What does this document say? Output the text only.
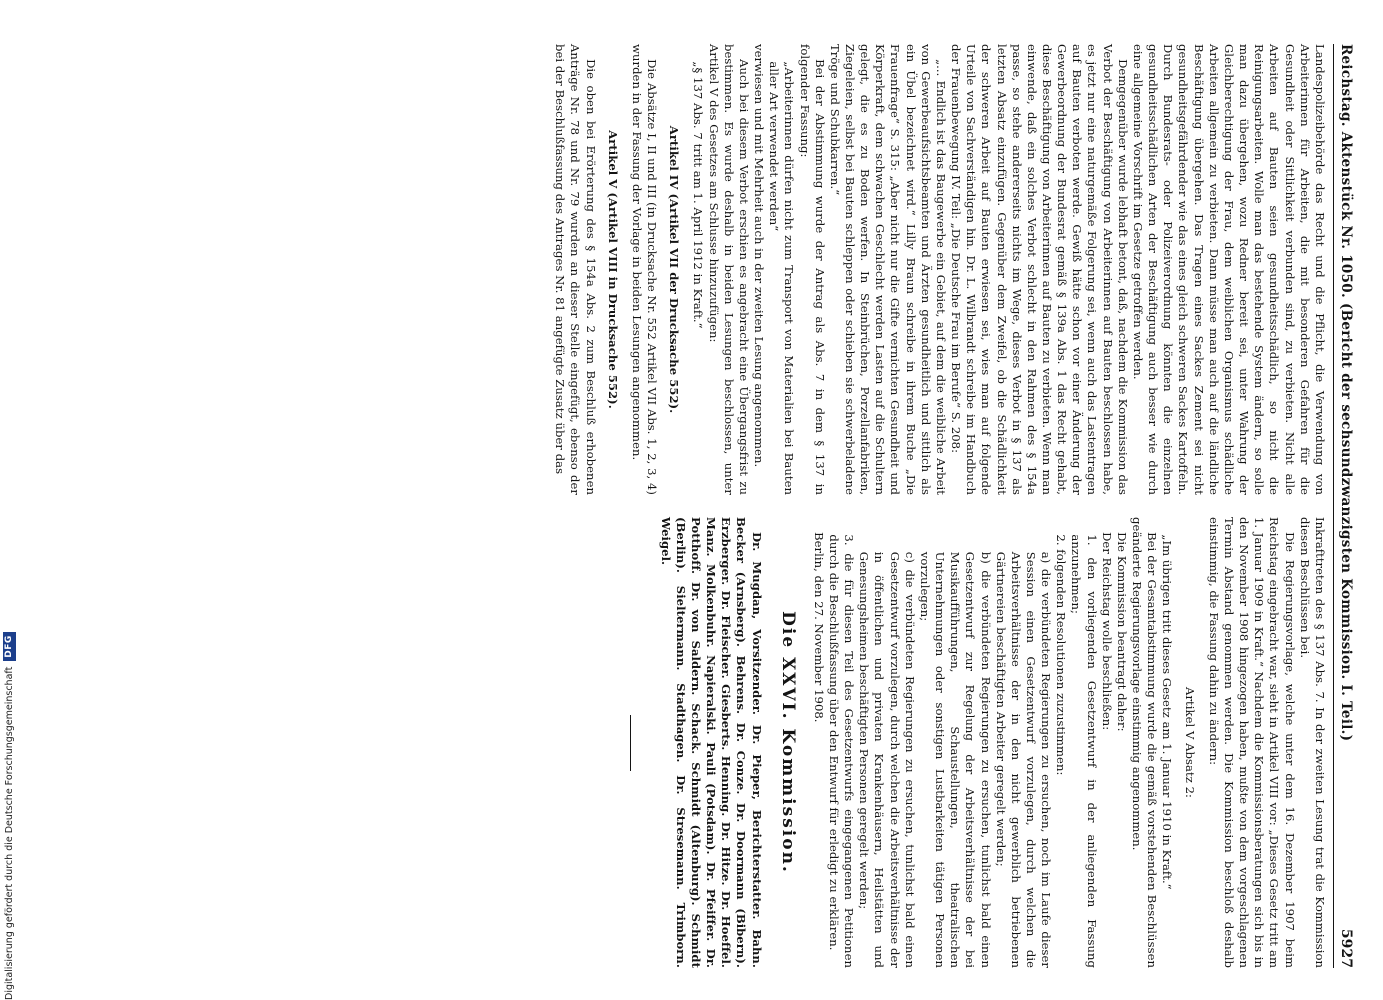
Reichstag. Aktenstück Nr. 1050. (Bericht der sechsundzwanzigsten Kommission. I. Teil.)
5927

Landespolizeibehörde das Recht und die Pflicht, die Verwendung von Arbeiterinnen für Arbeiten, die mit besonderen Gefahren für die Gesundheit oder Sittlichkeit verbunden sind, zu verbieten. Nicht alle Arbeiten auf Bauten seien gesundheitsschädlich, so nicht die Reinigungsarbeiten. Wolle man das bestehende System ändern, so solle man dazu übergehen, wozu Redner bereit sei, unter Wahrung der Gleichberechtigung der Frau, dem weiblichen Organismus schädliche Arbeiten allgemein zu verbieten. Dann müsse man auch auf die ländliche Beschäftigung übergehen. Das Tragen eines Sackes Zement sei nicht gesundheitsgefährdender wie das eines gleich schweren Sackes Kartoffeln. Durch Bundesrats- oder Polizeiverordnung könnten die einzelnen gesundheitsschädlichen Arten der Beschäftigung auch besser wie durch eine allgemeine Vorschrift im Gesetze getroffen werden.

Demgegenüber wurde lebhaft betont, daß, nachdem die Kommission das Verbot der Beschäftigung von Arbeiterinnen auf Bauten beschlossen habe, es jetzt nur eine naturgemäße Folgerung sei, wenn auch das Lastentragen auf Bauten verboten werde. Gewiß hätte schon vor einer Änderung der Gewerbeordnung der Bundesrat gemäß § 139a Abs. 1 das Recht gehabt, diese Beschäftigung von Arbeiterinnen auf Bauten zu verbieten. Wenn man einwende, daß ein solches Verbot schlecht in den Rahmen des § 154a passe, so stehe andererseits nichts im Wege, dieses Verbot in § 137 als letzten Absatz einzufügen. Gegenüber dem Zweifel, ob die Schädlichkeit der schweren Arbeit auf Bauten erwiesen sei, wies man auf folgende Urteile von Sachverständigen hin. Dr. L. Wilbrandt schreibe im Handbuch der Frauenbewegung IV. Teil: „Die Deutsche Frau im Berufe“ S. 208:

„... Endlich ist das Baugewerbe ein Gebiet, auf dem die weibliche Arbeit von Gewerbeaufsichtsbeamten und Ärzten gesundheitlich und sittlich als ein Übel bezeichnet wird.“ Lilly Braun schreibe in ihrem Buche „Die Frauenfrage“ S. 315: „Aber nicht nur die Gifte vernichten Gesundheit und Körperkraft, dem schwachen Geschlecht werden Lasten auf die Schultern gelegt, die es zu Boden werfen. In Steinbrüchen, Porzellanfabriken, Ziegeleien, selbst bei Bauten schleppen oder schieben sie schwerbeladene Tröge und Schubkarren.“

Bei der Abstimmung wurde der Antrag als Abs. 7 in dem § 137 in folgender Fassung:

„Arbeiterinnen dürfen nicht zum Transport von Materialien bei Bauten aller Art verwendet werden“

verwiesen und mit Mehrheit auch in der zweiten Lesung angenommen.

Auch bei diesem Verbot erschien es angebracht eine Übergangsfrist zu bestimmen. Es wurde deshalb in beiden Lesungen beschlossen, unter Artikel V des Gesetzes am Schlusse hinzuzufügen:

„§ 137 Abs. 7 tritt am 1. April 1912 in Kraft.“

Artikel IV (Artikel VII der Drucksache 552).

Die Absätze I, II und III (in Drucksache Nr. 552 Artikel VII Abs. 1, 2, 3, 4) wurden in der Fassung der Vorlage in beiden Lesungen angenommen.

Artikel V (Artikel VIII in Drucksache 552).

Die oben bei Erörterung des § 154a Abs. 2 zum Beschluß erhobenen Anträge Nr. 78 und Nr. 79 wurden an dieser Stelle eingefügt, ebenso der bei der Beschlußfassung des Antrages Nr. 81 angefügte Zusatz über das

Inkrafttreten des § 137 Abs. 7. In der zweiten Lesung trat die Kommission diesen Beschlüssen bei.

Die Regierungsvorlage, welche unter dem 16. Dezember 1907 beim Reichstag eingebracht war, sieht in Artikel VIII vor: „Dieses Gesetz tritt am 1. Januar 1909 in Kraft.“ Nachdem die Kommissionsberatungen sich bis in den November 1908 hingezogen haben, mußte von dem vorgeschlagenen Termin Abstand genommen werden. Die Kommission beschloß deshalb einstimmig, die Fassung dahin zu ändern:

Artikel V Absatz 2:

„Im übrigen tritt dieses Gesetz am 1. Januar 1910 in Kraft.“

Bei der Gesamtabstimmung wurde die gemäß vorstehenden Beschlüssen geänderte Regierungsvorlage einstimmig angenommen.

Die Kommission beantragt daher:

Der Reichstag wolle beschließen:

1. den vorliegenden Gesetzentwurf in der anliegenden Fassung anzunehmen;

2. folgenden Resolutionen zuzustimmen:

a) die verbündeten Regierungen zu ersuchen, noch im Laufe dieser Session einen Gesetzentwurf vorzulegen, durch welchen die Arbeitsverhältnisse der in den nicht gewerblich betriebenen Gärtnereien beschäftigten Arbeiter geregelt werden;

b) die verbündeten Regierungen zu ersuchen, tunlichst bald einen Gesetzentwurf zur Regelung der Arbeitsverhältnisse der bei Musikaufführungen, Schaustellungen, theatralischen Unternehmungen oder sonstigen Lustbarkeiten tätigen Personen vorzulegen;

c) die verbündeten Regierungen zu ersuchen, tunlichst bald einen Gesetzentwurf vorzulegen, durch welchen die Arbeitsverhältnisse der in öffentlichen und privaten Krankenhäusern, Heilstätten und Genesungsheimen beschäftigten Personen geregelt werden;

3. die für diesen Teil des Gesetzentwurfs eingegangenen Petitionen durch die Beschlußfassung über den Entwurf für erledigt zu erklären.

Berlin, den 27. November 1908.

Die XXVI. Kommission.

Dr. Mugdan, Vorsitzender. Dr. Pieper, Berichterstatter. Bahn. Becker (Arnsberg). Behrens. Dr. Conze. Dr. Doormann (Bibern). Erzberger. Dr. Fleischer. Giesberts. Henning. Dr. Hitze. Dr. Hoeffel. Manz. Molkenbuhr. Napieralski. Pauli (Potsdam). Dr. Pfeiffer. Dr. Potthoff. Dr. von Saldern. Schack. Schmidt (Altenburg). Schmidt (Berlin). Sieltermann. Stadthagen. Dr. Stresemann. Trimborn. Weigel.

Digitalisierung gefördert durch die Deutsche Forschungsgemeinschaft
DFG
